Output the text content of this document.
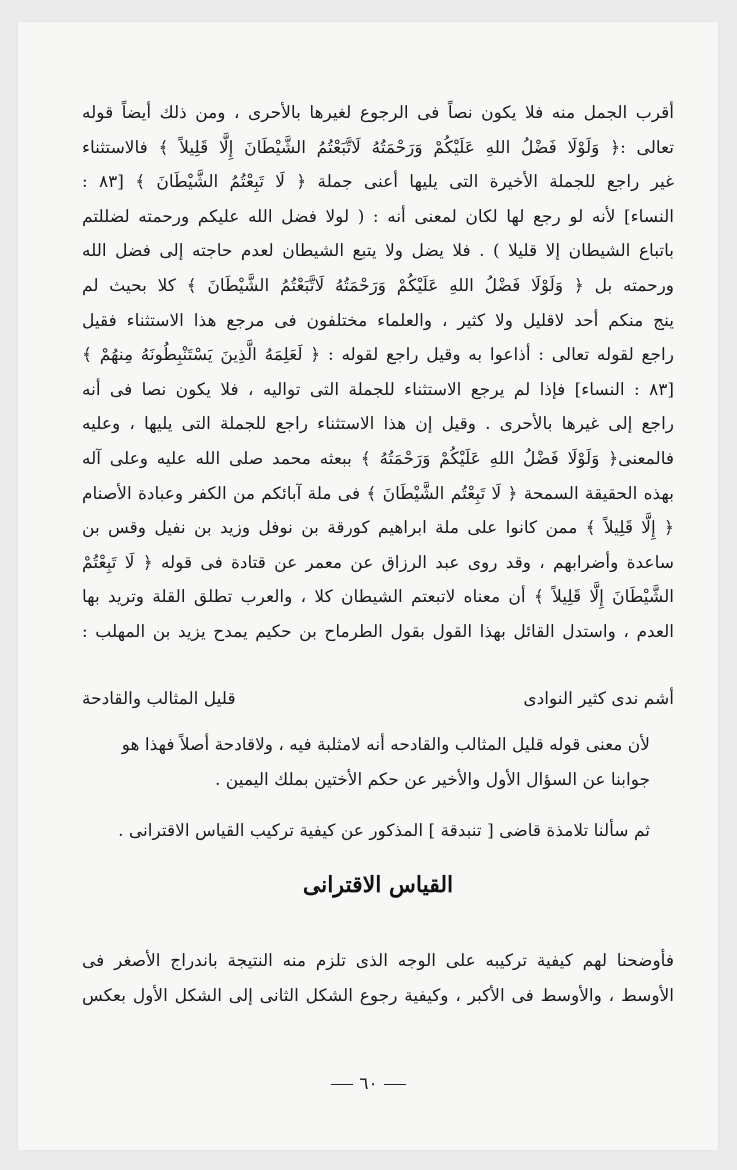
أقرب الجمل منه فلا يكون نصاً فى الرجوع لغيرها بالأحرى ، ومن ذلك أيضاً قوله
تعالى :﴿ وَلَوْلَا فَضْلُ اللهِ عَلَيْكُمْ وَرَحْمَتُهُ لَاتَّبَعْتُمُ الشَّيْطَانَ إِلَّا قَلِيلاً ﴾ فالاستثناء
غير راجع للجملة الأخيرة التى يليها أعنى جملة ﴿ لَا تَبِعْتُمُ الشَّيْطَانَ ﴾ [٨٣ :
النساء] لأنه لو رجع لها لكان لمعنى أنه : ( لولا فضل الله عليكم ورحمته لضللتم
باتباع الشيطان إلا قليلا ) . فلا يضل ولا يتبع الشيطان لعدم حاجته إلى فضل الله
ورحمته بل ﴿ وَلَوْلَا فَضْلُ اللهِ عَلَيْكُمْ وَرَحْمَتُهُ لَاتَّبَعْتُمُ الشَّيْطَانَ ﴾ كلا بحيث لم
ينج منكم أحد لاقليل ولا كثير ، والعلماء مختلفون فى مرجع هذا الاستثناء فقيل
راجع لقوله تعالى : أذاعوا به وقيل راجع لقوله : ﴿ لَعَلِمَهُ الَّذِينَ يَسْتَنْبِطُونَهُ مِنهُمْ ﴾
[٨٣ : النساء] فإذا لم يرجع الاستثناء للجملة التى تواليه ، فلا يكون نصا فى أنه
راجع إلى غيرها بالأحرى . وقيل إن هذا الاستثناء راجع للجملة التى يليها ، وعليه
فالمعنى﴿ وَلَوْلَا فَضْلُ اللهِ عَلَيْكُمْ وَرَحْمَتُهُ ﴾ ببعثه محمد صلى الله عليه وعلى آله
بهذه الحقيقة السمحة ﴿ لَا تَبِعْتُم الشَّيْطَانَ ﴾ فى ملة آبائكم من الكفر وعبادة الأصنام
﴿ إِلَّا قَلِيلاً ﴾ ممن كانوا على ملة ابراهيم كورقة بن نوفل وزيد بن نفيل وقس بن
ساعدة وأضرابهم ، وقد روى عبد الرزاق عن معمر عن قتادة فى قوله ﴿ لَا تَبِعْتُمْ
الشَّيْطَانَ إِلَّا قَلِيلاً ﴾ أن معناه لاتبعتم الشيطان كلا ، والعرب تطلق القلة وتريد بها
العدم ، واستدل القائل بهذا القول بقول الطرماح بن حكيم يمدح يزيد بن المهلب :
أشم ندى كثير النوادى
قليل المثالب والقادحة
لأن معنى قوله قليل المثالب والقادحه أنه لامثلبة فيه ، ولاقادحة أصلاً فهذا هو
جوابنا عن السؤال الأول والأخير عن حكم الأختين بملك اليمين .
ثم سألنا تلامذة قاضى [ تنبدقة ] المذكور عن كيفية تركيب القياس الاقترانى .
القياس الاقترانى
فأوضحنا لهم كيفية تركيبه على الوجه الذى تلزم منه النتيجة باندراج الأصغر فى
الأوسط ، والأوسط فى الأكبر ، وكيفية رجوع الشكل الثانى إلى الشكل الأول بعكس
٦٠
